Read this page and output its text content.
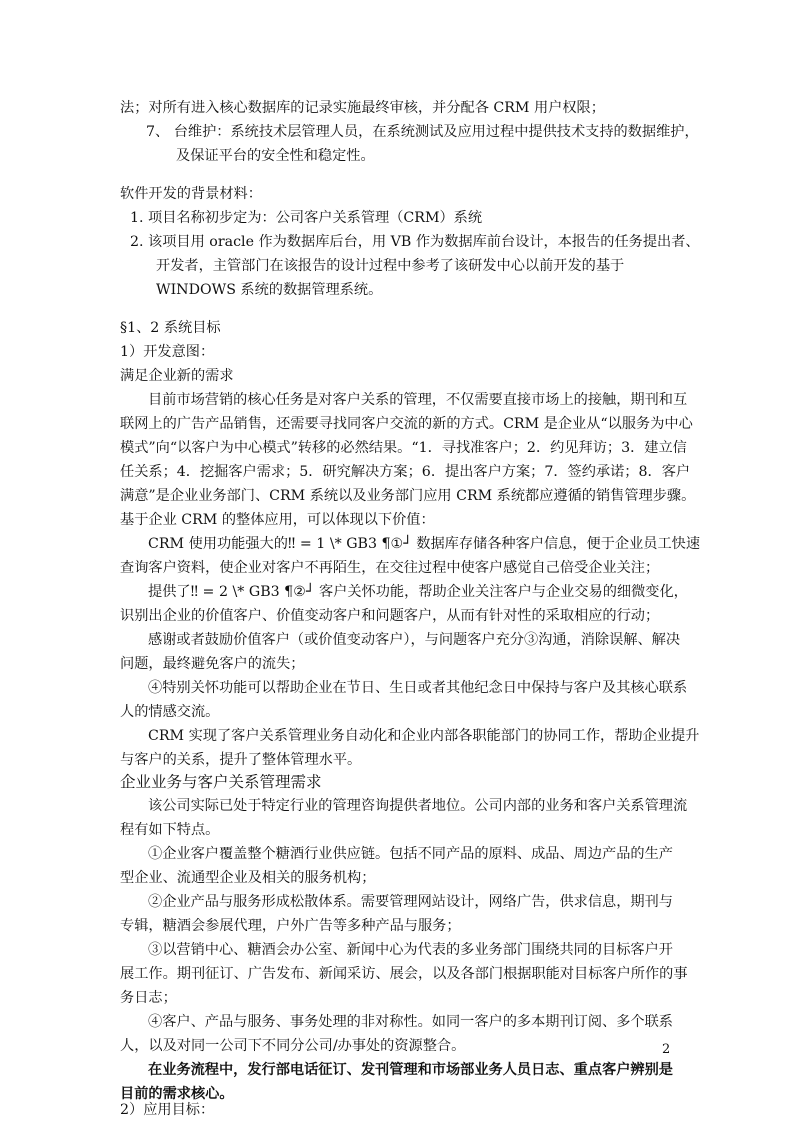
法；对所有进入核心数据库的记录实施最终审核，并分配各 CRM 用户权限；
7、 台维护：系统技术层管理人员，在系统测试及应用过程中提供技术支持的数据维护，
及保证平台的安全性和稳定性。
软件开发的背景材料：
1. 项目名称初步定为：公司客户关系管理（CRM）系统
2. 该项目用 oracle 作为数据库后台，用 VB 作为数据库前台设计，本报告的任务提出者、
开发者，主管部门在该报告的设计过程中参考了该研发中心以前开发的基于
WINDOWS 系统的数据管理系统。
§1、2 系统目标
1）开发意图：
满足企业新的需求
目前市场营销的核心任务是对客户关系的管理，不仅需要直接市场上的接触，期刊和互
联网上的广告产品销售，还需要寻找同客户交流的新的方式。CRM 是企业从“以服务为中心
模式”向“以客户为中心模式”转移的必然结果。“1．寻找准客户；2．约见拜访；3．建立信
任关系；4．挖掘客户需求；5．研究解决方案；6．提出客户方案；7．签约承诺；8．客户
满意”是企业业务部门、CRM 系统以及业务部门应用 CRM 系统都应遵循的销售管理步骤。
基于企业 CRM 的整体应用，可以体现以下价值：
CRM 使用功能强大的‼ = 1 \* GB3 ¶①┘ 数据库存储各种客户信息，便于企业员工快速
查询客户资料，使企业对客户不再陌生，在交往过程中使客户感觉自己倍受企业关注；
提供了‼ = 2 \* GB3 ¶②┘ 客户关怀功能，帮助企业关注客户与企业交易的细微变化，
识别出企业的价值客户、价值变动客户和问题客户，从而有针对性的采取相应的行动；
感谢或者鼓励价值客户（或价值变动客户），与问题客户充分③沟通，消除误解、解决
问题，最终避免客户的流失；
④特别关怀功能可以帮助企业在节日、生日或者其他纪念日中保持与客户及其核心联系
人的情感交流。
CRM 实现了客户关系管理业务自动化和企业内部各职能部门的协同工作，帮助企业提升
与客户的关系，提升了整体管理水平。
企业业务与客户关系管理需求
该公司实际已处于特定行业的管理咨询提供者地位。公司内部的业务和客户关系管理流
程有如下特点。
①企业客户覆盖整个糖酒行业供应链。包括不同产品的原料、成品、周边产品的生产
型企业、流通型企业及相关的服务机构；
②企业产品与服务形成松散体系。需要管理网站设计，网络广告，供求信息，期刊与
专辑，糖酒会参展代理，户外广告等多种产品与服务；
③以营销中心、糖酒会办公室、新闻中心为代表的多业务部门围绕共同的目标客户开
展工作。期刊征订、广告发布、新闻采访、展会，以及各部门根据职能对目标客户所作的事
务日志；
④客户、产品与服务、事务处理的非对称性。如同一客户的多本期刊订阅、多个联系
人，以及对同一公司下不同分公司/办事处的资源整合。
在业务流程中，发行部电话征订、发刊管理和市场部业务人员日志、重点客户辨别是
目前的需求核心。
2）应用目标：
2
